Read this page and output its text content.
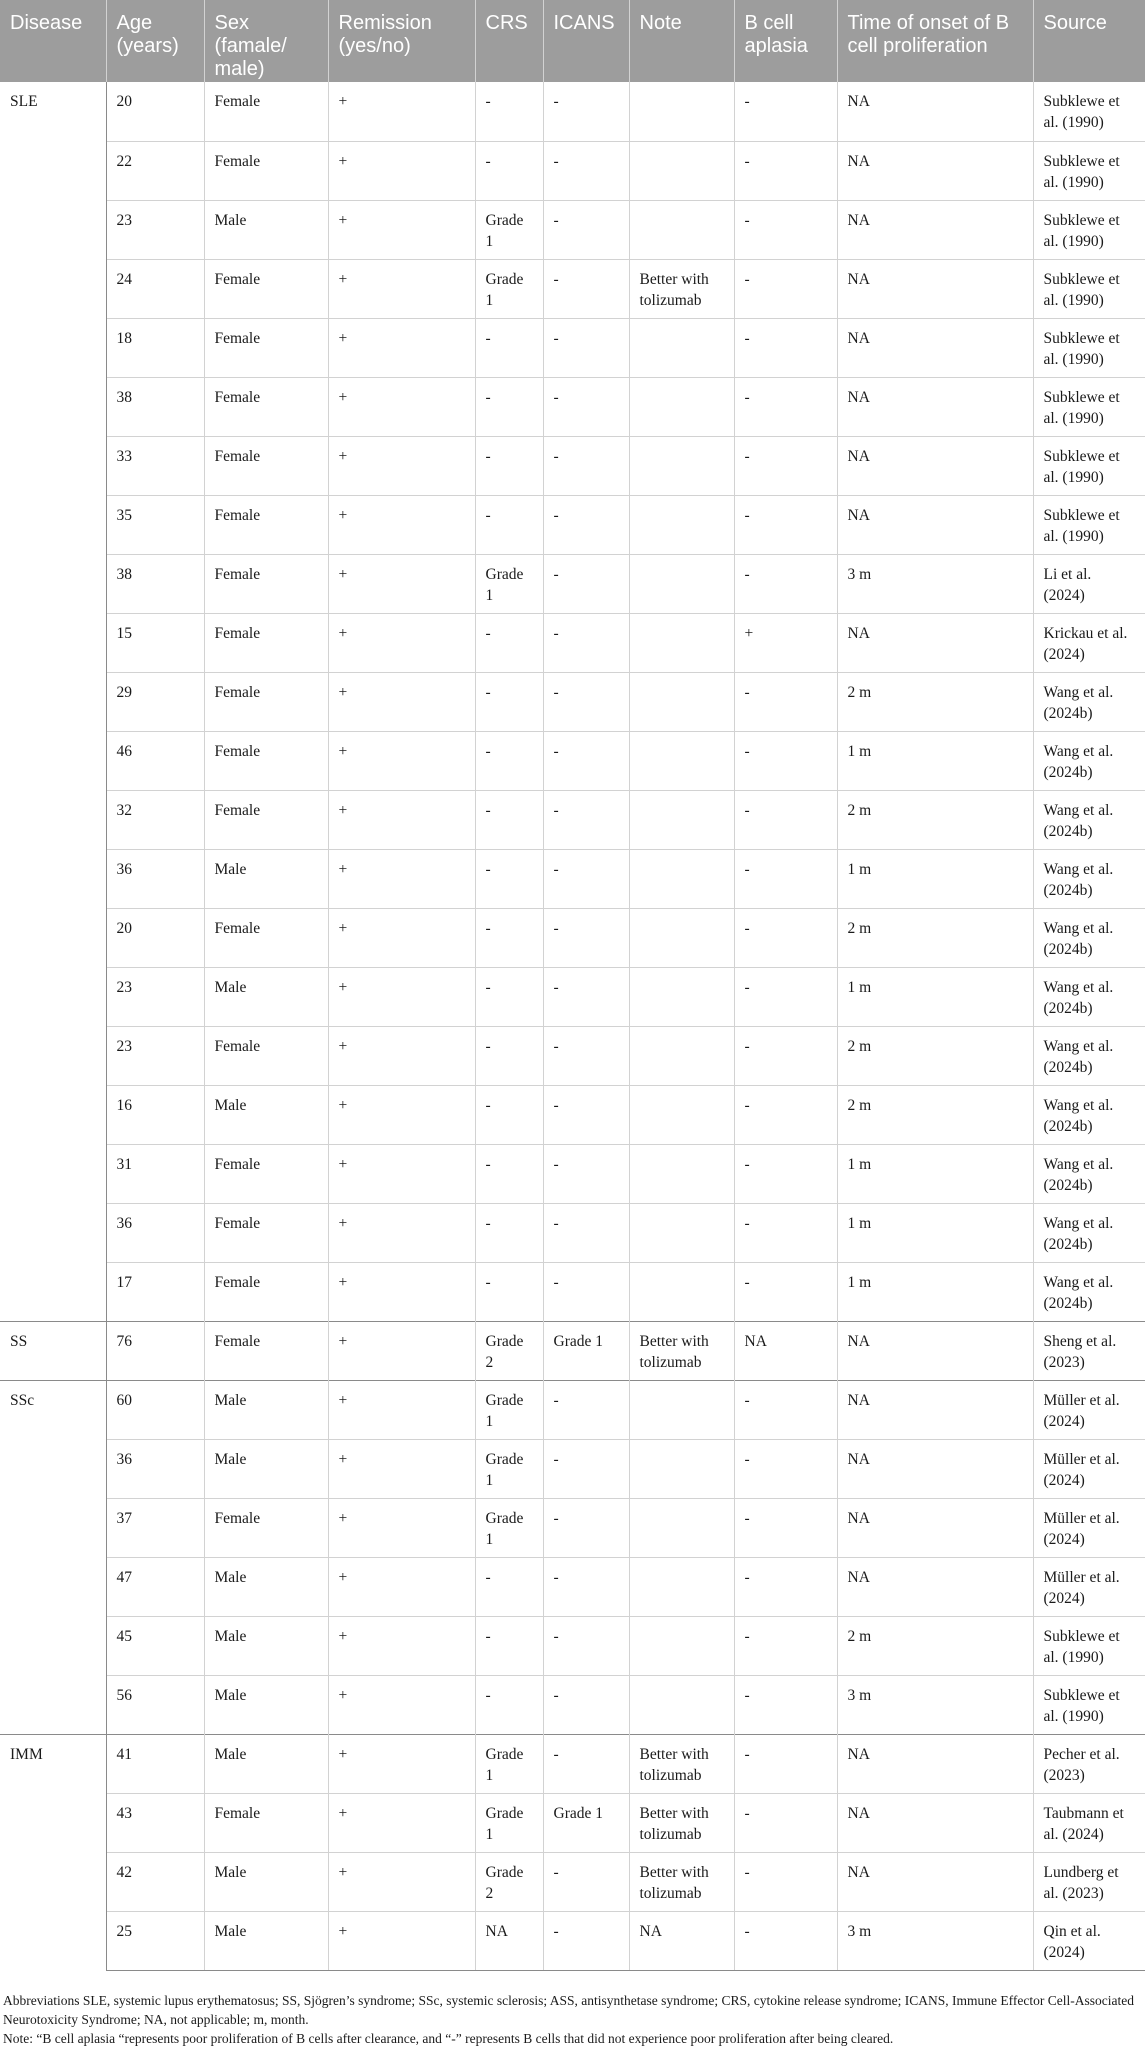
Disease	Age (years)	Sex (famale/ male)	Remission (yes/no)	CRS	ICANS	Note	B cell aplasia	Time of onset of B cell proliferation	Source
SLE	20	Female	+	-	-		-	NA	Subklewe et al. (1990)
	22	Female	+	-	-		-	NA	Subklewe et al. (1990)
	23	Male	+	Grade 1	-		-	NA	Subklewe et al. (1990)
	24	Female	+	Grade 1	-	Better with tolizumab	-	NA	Subklewe et al. (1990)
	18	Female	+	-	-		-	NA	Subklewe et al. (1990)
	38	Female	+	-	-		-	NA	Subklewe et al. (1990)
	33	Female	+	-	-		-	NA	Subklewe et al. (1990)
	35	Female	+	-	-		-	NA	Subklewe et al. (1990)
	38	Female	+	Grade 1	-		-	3 m	Li et al. (2024)
	15	Female	+	-	-		+	NA	Krickau et al. (2024)
	29	Female	+	-	-		-	2 m	Wang et al. (2024b)
	46	Female	+	-	-		-	1 m	Wang et al. (2024b)
	32	Female	+	-	-		-	2 m	Wang et al. (2024b)
	36	Male	+	-	-		-	1 m	Wang et al. (2024b)
	20	Female	+	-	-		-	2 m	Wang et al. (2024b)
	23	Male	+	-	-		-	1 m	Wang et al. (2024b)
	23	Female	+	-	-		-	2 m	Wang et al. (2024b)
	16	Male	+	-	-		-	2 m	Wang et al. (2024b)
	31	Female	+	-	-		-	1 m	Wang et al. (2024b)
	36	Female	+	-	-		-	1 m	Wang et al. (2024b)
	17	Female	+	-	-		-	1 m	Wang et al. (2024b)
SS	76	Female	+	Grade 2	Grade 1	Better with tolizumab	NA	NA	Sheng et al. (2023)
SSc	60	Male	+	Grade 1	-		-	NA	Müller et al. (2024)
	36	Male	+	Grade 1	-		-	NA	Müller et al. (2024)
	37	Female	+	Grade 1	-		-	NA	Müller et al. (2024)
	47	Male	+	-	-		-	NA	Müller et al. (2024)
	45	Male	+	-	-		-	2 m	Subklewe et al. (1990)
	56	Male	+	-	-		-	3 m	Subklewe et al. (1990)
IMM	41	Male	+	Grade 1	-	Better with tolizumab	-	NA	Pecher et al. (2023)
	43	Female	+	Grade 1	Grade 1	Better with tolizumab	-	NA	Taubmann et al. (2024)
	42	Male	+	Grade 2	-	Better with tolizumab	-	NA	Lundberg et al. (2023)
	25	Male	+	NA	-	NA	-	3 m	Qin et al. (2024)

Abbreviations SLE, systemic lupus erythematosus; SS, Sjögren’s syndrome; SSc, systemic sclerosis; ASS, antisynthetase syndrome; CRS, cytokine release syndrome; ICANS, Immune Effector Cell-Associated Neurotoxicity Syndrome; NA, not applicable; m, month.

Note: “B cell aplasia “represents poor proliferation of B cells after clearance, and “-” represents B cells that did not experience poor proliferation after being cleared.
